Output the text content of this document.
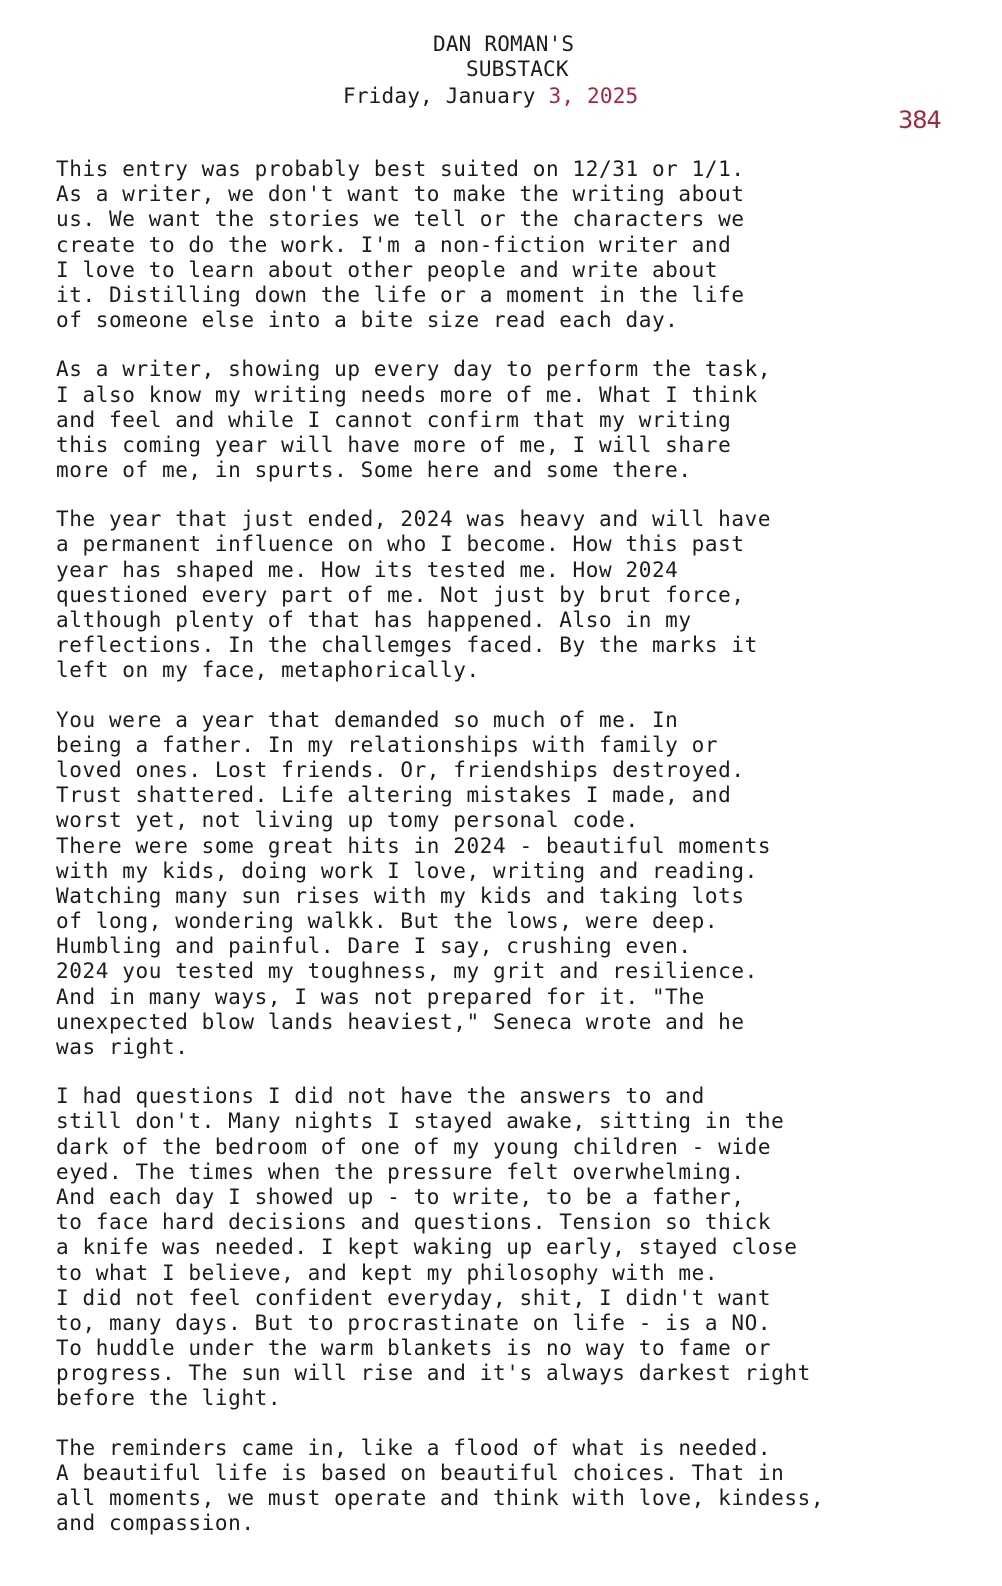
DAN ROMAN'S
SUBSTACK
Friday, January 3, 2025
384
This entry was probably best suited on 12/31 or 1/1.
As a writer, we don't want to make the writing about
us. We want the stories we tell or the characters we
create to do the work. I'm a non-fiction writer and
I love to learn about other people and write about
it. Distilling down the life or a moment in the life
of someone else into a bite size read each day.
As a writer, showing up every day to perform the task,
I also know my writing needs more of me. What I think
and feel and while I cannot confirm that my writing
this coming year will have more of me, I will share
more of me, in spurts. Some here and some there.
The year that just ended, 2024 was heavy and will have
a permanent influence on who I become. How this past
year has shaped me. How its tested me. How 2024
questioned every part of me. Not just by brut force,
although plenty of that has happened. Also in my
reflections. In the challemges faced. By the marks it
left on my face, metaphorically.
You were a year that demanded so much of me. In
being a father. In my relationships with family or
loved ones. Lost friends. Or, friendships destroyed.
Trust shattered. Life altering mistakes I made, and
worst yet, not living up tomy personal code.
There were some great hits in 2024 - beautiful moments
with my kids, doing work I love, writing and reading.
Watching many sun rises with my kids and taking lots
of long, wondering walkk. But the lows, were deep.
Humbling and painful. Dare I say, crushing even.
2024 you tested my toughness, my grit and resilience.
And in many ways, I was not prepared for it. "The
unexpected blow lands heaviest," Seneca wrote and he
was right.
I had questions I did not have the answers to and
still don't. Many nights I stayed awake, sitting in the
dark of the bedroom of one of my young children - wide
eyed. The times when the pressure felt overwhelming.
And each day I showed up - to write, to be a father,
to face hard decisions and questions. Tension so thick
a knife was needed. I kept waking up early, stayed close
to what I believe, and kept my philosophy with me.
I did not feel confident everyday, shit, I didn't want
to, many days. But to procrastinate on life - is a NO.
To huddle under the warm blankets is no way to fame or
progress. The sun will rise and it's always darkest right
before the light.
The reminders came in, like a flood of what is needed.
A beautiful life is based on beautiful choices. That in
all moments, we must operate and think with love, kindess,
and compassion.
